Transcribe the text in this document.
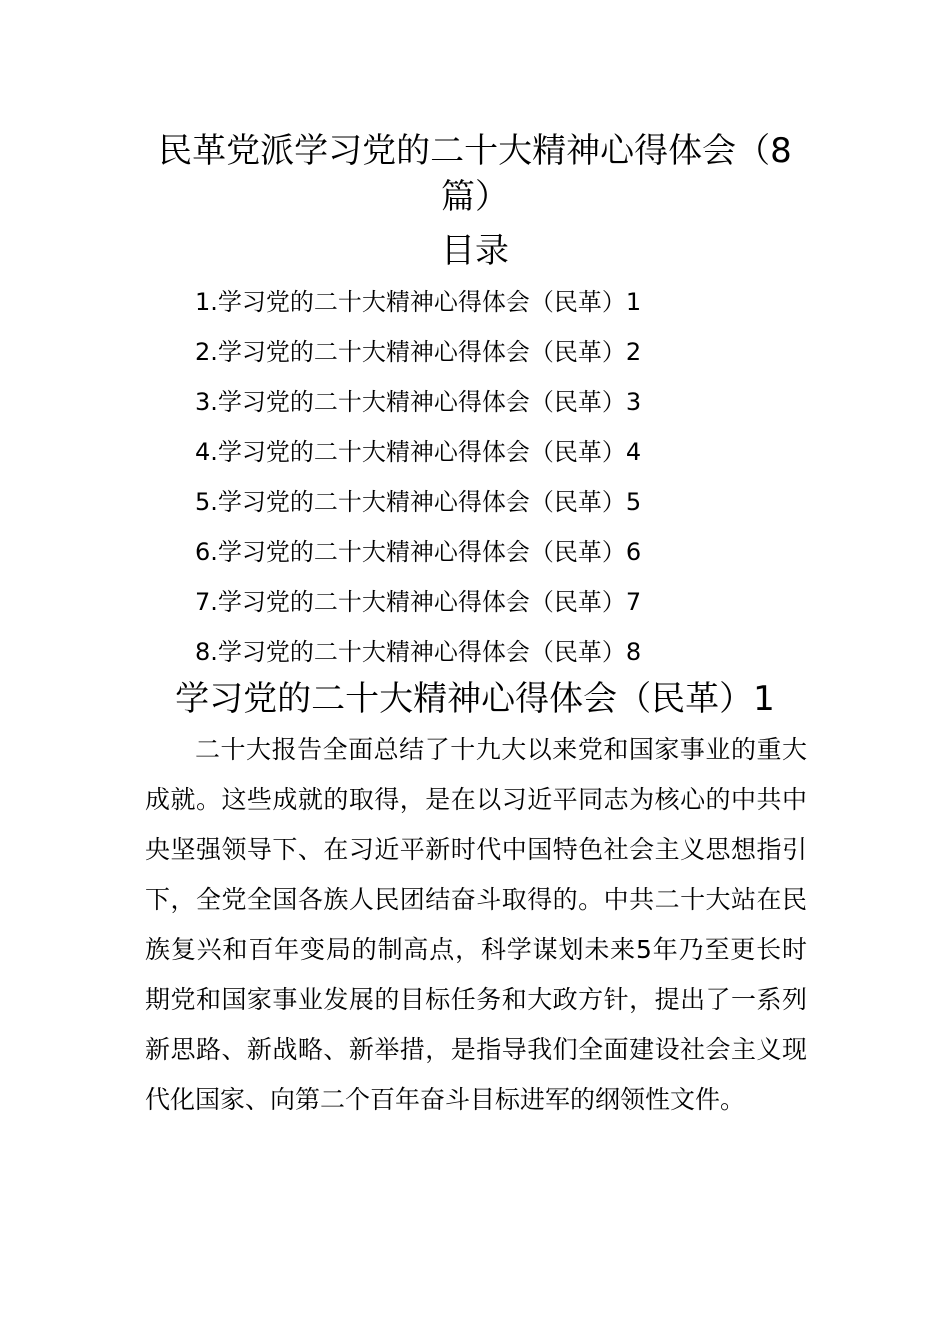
民革党派学习党的二十大精神心得体会（8篇）
目录
1.学习党的二十大精神心得体会（民革）1
2.学习党的二十大精神心得体会（民革）2
3.学习党的二十大精神心得体会（民革）3
4.学习党的二十大精神心得体会（民革）4
5.学习党的二十大精神心得体会（民革）5
6.学习党的二十大精神心得体会（民革）6
7.学习党的二十大精神心得体会（民革）7
8.学习党的二十大精神心得体会（民革）8
学习党的二十大精神心得体会（民革）1

二十大报告全面总结了十九大以来党和国家事业的重大成就。这些成就的取得，是在以习近平同志为核心的中共中央坚强领导下、在习近平新时代中国特色社会主义思想指引下，全党全国各族人民团结奋斗取得的。中共二十大站在民族复兴和百年变局的制高点，科学谋划未来5年乃至更长时期党和国家事业发展的目标任务和大政方针，提出了一系列新思路、新战略、新举措，是指导我们全面建设社会主义现代化国家、向第二个百年奋斗目标进军的纲领性文件。
